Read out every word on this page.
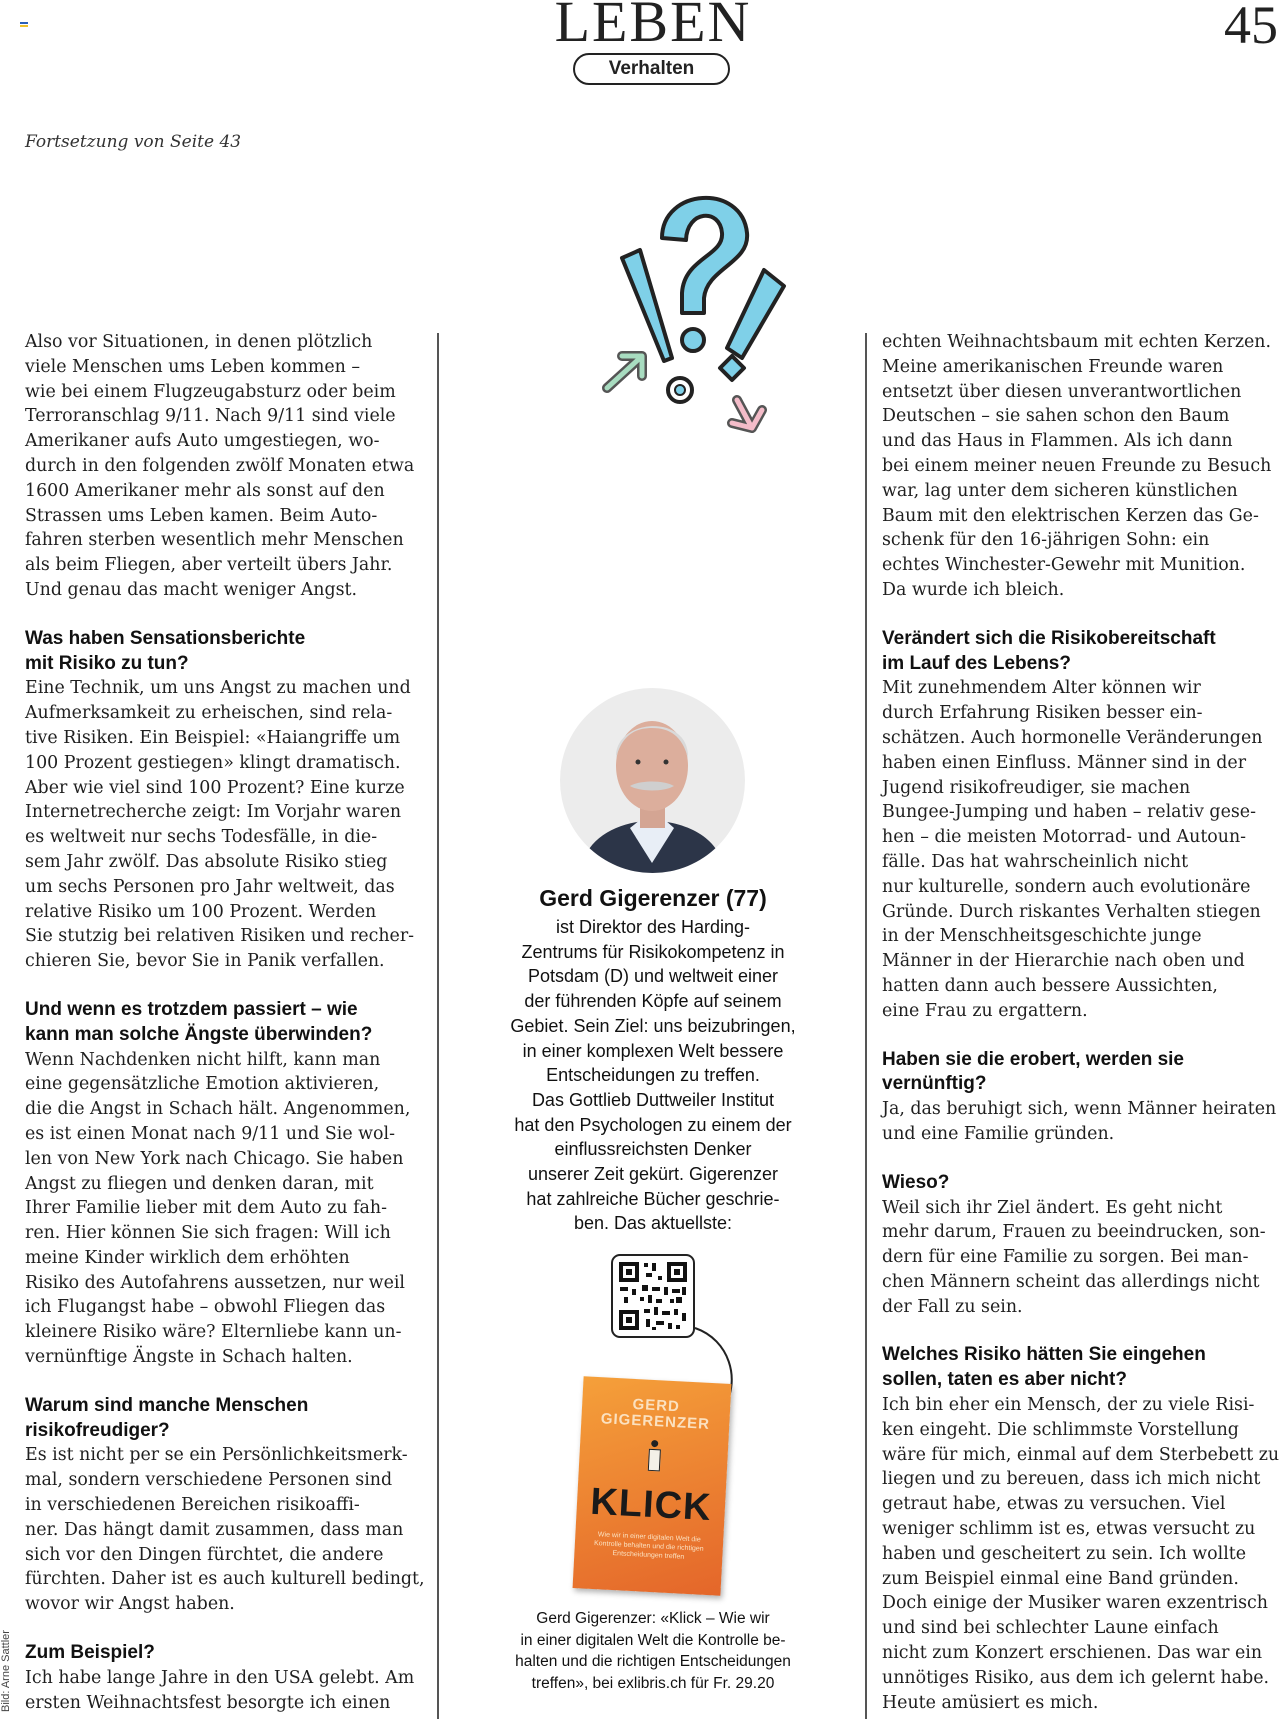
LEBEN
Verhalten
45
Fortsetzung von Seite 43

Also vor Situationen, in denen plötzlich
viele Menschen ums Leben kommen –
wie bei einem Flugzeugabsturz oder beim
Terroranschlag 9/11. Nach 9/11 sind viele
Amerikaner aufs Auto umgestiegen, wo-
durch in den folgenden zwölf Monaten etwa
1600 Amerikaner mehr als sonst auf den
Strassen ums Leben kamen. Beim Auto-
fahren sterben wesentlich mehr Menschen
als beim Fliegen, aber verteilt übers Jahr.
Und genau das macht weniger Angst.

Was haben Sensationsberichte
mit Risiko zu tun?

Eine Technik, um uns Angst zu machen und
Aufmerksamkeit zu erheischen, sind rela-
tive Risiken. Ein Beispiel: «Haiangriffe um
100 Prozent gestiegen» klingt dramatisch.
Aber wie viel sind 100 Prozent? Eine kurze
Internetrecherche zeigt: Im Vorjahr waren
es weltweit nur sechs Todesfälle, in die-
sem Jahr zwölf. Das absolute Risiko stieg
um sechs Personen pro Jahr weltweit, das
relative Risiko um 100 Prozent. Werden
Sie stutzig bei relativen Risiken und recher-
chieren Sie, bevor Sie in Panik verfallen.

Und wenn es trotzdem passiert – wie
kann man solche Ängste überwinden?

Wenn Nachdenken nicht hilft, kann man
eine gegensätzliche Emotion aktivieren,
die die Angst in Schach hält. Angenommen,
es ist einen Monat nach 9/11 und Sie wol-
len von New York nach Chicago. Sie haben
Angst zu fliegen und denken daran, mit
Ihrer Familie lieber mit dem Auto zu fah-
ren. Hier können Sie sich fragen: Will ich
meine Kinder wirklich dem erhöhten
Risiko des Autofahrens aussetzen, nur weil
ich Flugangst habe – obwohl Fliegen das
kleinere Risiko wäre? Elternliebe kann un-
vernünftige Ängste in Schach halten.

Warum sind manche Menschen
risikofreudiger?

Es ist nicht per se ein Persönlichkeitsmerk-
mal, sondern verschiedene Personen sind
in verschiedenen Bereichen risikoaffi-
ner. Das hängt damit zusammen, dass man
sich vor den Dingen fürchtet, die andere
fürchten. Daher ist es auch kulturell bedingt,
wovor wir Angst haben.

Zum Beispiel?

Ich habe lange Jahre in den USA gelebt. Am
ersten Weihnachtsfest besorgte ich einen

echten Weihnachtsbaum mit echten Kerzen.
Meine amerikanischen Freunde waren
entsetzt über diesen unverantwortlichen
Deutschen – sie sahen schon den Baum
und das Haus in Flammen. Als ich dann
bei einem meiner neuen Freunde zu Besuch
war, lag unter dem sicheren künstlichen
Baum mit den elektrischen Kerzen das Ge-
schenk für den 16-jährigen Sohn: ein
echtes Winchester-Gewehr mit Munition.
Da wurde ich bleich.

Verändert sich die Risikobereitschaft
im Lauf des Lebens?

Mit zunehmendem Alter können wir
durch Erfahrung Risiken besser ein-
schätzen. Auch hormonelle Veränderungen
haben einen Einfluss. Männer sind in der
Jugend risikofreudiger, sie machen
Bungee-Jumping und haben – relativ gese-
hen – die meisten Motorrad- und Autoun-
fälle. Das hat wahrscheinlich nicht
nur kulturelle, sondern auch evolutionäre
Gründe. Durch riskantes Verhalten stiegen
in der Menschheitsgeschichte junge
Männer in der Hierarchie nach oben und
hatten dann auch bessere Aussichten,
eine Frau zu ergattern.

Haben sie die erobert, werden sie
vernünftig?

Ja, das beruhigt sich, wenn Männer heiraten
und eine Familie gründen.

Wieso?

Weil sich ihr Ziel ändert. Es geht nicht
mehr darum, Frauen zu beeindrucken, son-
dern für eine Familie zu sorgen. Bei man-
chen Männern scheint das allerdings nicht
der Fall zu sein.

Welches Risiko hätten Sie eingehen
sollen, taten es aber nicht?

Ich bin eher ein Mensch, der zu viele Risi-
ken eingeht. Die schlimmste Vorstellung
wäre für mich, einmal auf dem Sterbebett zu
liegen und zu bereuen, dass ich mich nicht
getraut habe, etwas zu versuchen. Viel
weniger schlimm ist es, etwas versucht zu
haben und gescheitert zu sein. Ich wollte
zum Beispiel einmal eine Band gründen.
Doch einige der Musiker waren exzentrisch
und sind bei schlechter Laune einfach
nicht zum Konzert erschienen. Das war ein
unnötiges Risiko, aus dem ich gelernt habe.
Heute amüsiert es mich.

Gerd Gigerenzer (77)
ist Direktor des Harding-
Zentrums für Risikokompetenz in
Potsdam (D) und weltweit einer
der führenden Köpfe auf seinem
Gebiet. Sein Ziel: uns beizubringen,
in einer komplexen Welt bessere
Entscheidungen zu treffen.
Das Gottlieb Duttweiler Institut
hat den Psychologen zu einem der
einflussreichsten Denker
unserer Zeit gekürt. Gigerenzer
hat zahlreiche Bücher geschrie-
ben. Das aktuellste:
GERD
GIGERENZER
KLICK
Wie wir in einer digitalen Welt die Kontrolle behalten und die richtigen Entscheidungen treffen
Gerd Gigerenzer: «Klick – Wie wir
in einer digitalen Welt die Kontrolle be-
halten und die richtigen Entscheidungen
treffen», bei exlibris.ch für Fr. 29.20
Bild: Arne Sattler
